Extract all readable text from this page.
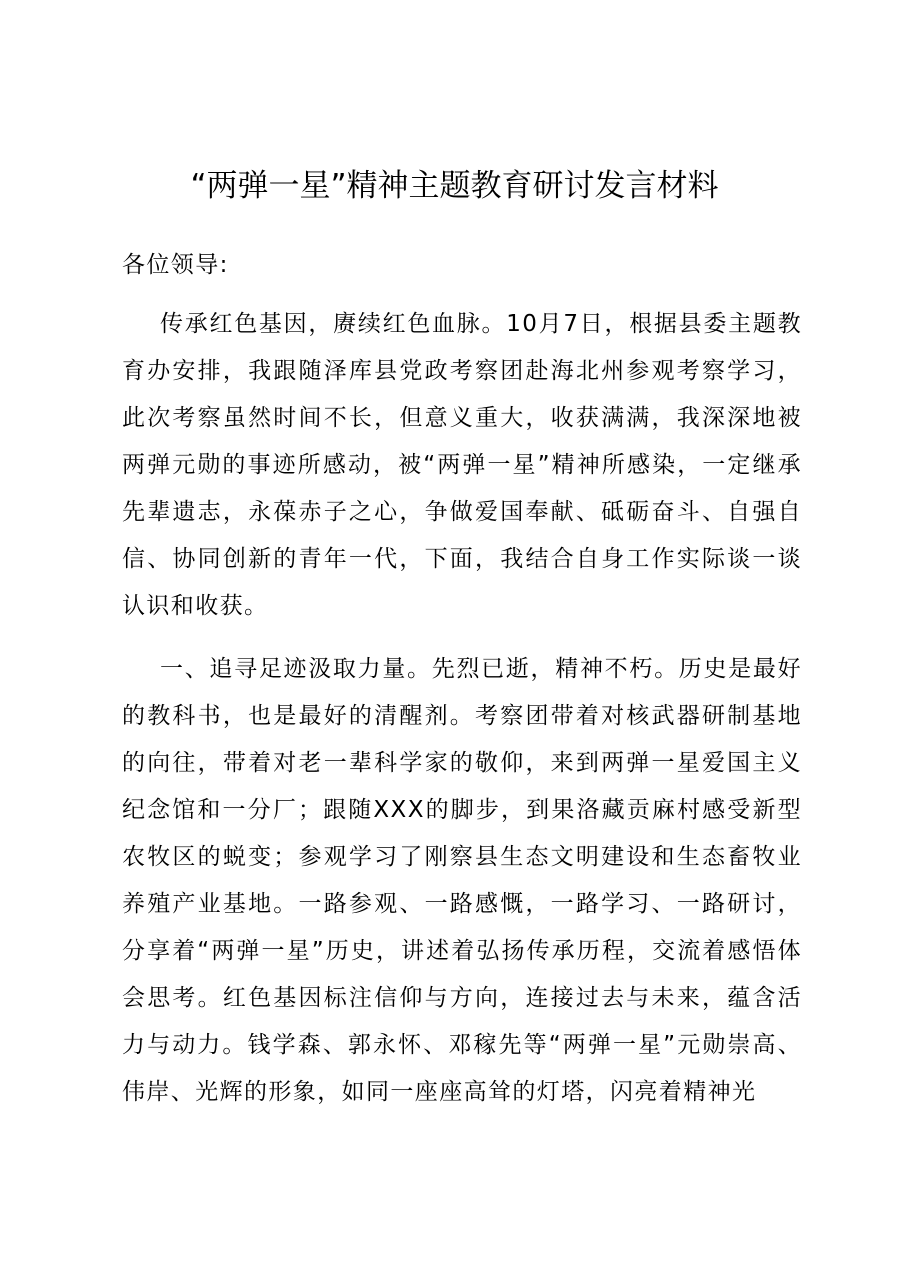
“两弹一星”精神主题教育研讨发言材料

各位领导:

传承红色基因，赓续红色血脉。10月7日，根据县委主题教育办安排，我跟随泽库县党政考察团赴海北州参观考察学习，此次考察虽然时间不长，但意义重大，收获满满，我深深地被两弹元勋的事迹所感动，被“两弹一星”精神所感染，一定继承先辈遗志，永葆赤子之心，争做爱国奉献、砥砺奋斗、自强自信、协同创新的青年一代，下面，我结合自身工作实际谈一谈认识和收获。

一、追寻足迹汲取力量。先烈已逝，精神不朽。历史是最好的教科书，也是最好的清醒剂。考察团带着对核武器研制基地的向往，带着对老一辈科学家的敬仰，来到两弹一星爱国主义纪念馆和一分厂；跟随XXX的脚步，到果洛藏贡麻村感受新型农牧区的蜕变；参观学习了刚察县生态文明建设和生态畜牧业养殖产业基地。一路参观、一路感慨，一路学习、一路研讨，分享着“两弹一星”历史，讲述着弘扬传承历程，交流着感悟体会思考。红色基因标注信仰与方向，连接过去与未来，蕴含活力与动力。钱学森、郭永怀、邓稼先等“两弹一星”元勋崇高、伟岸、光辉的形象，如同一座座高耸的灯塔，闪亮着精神光
